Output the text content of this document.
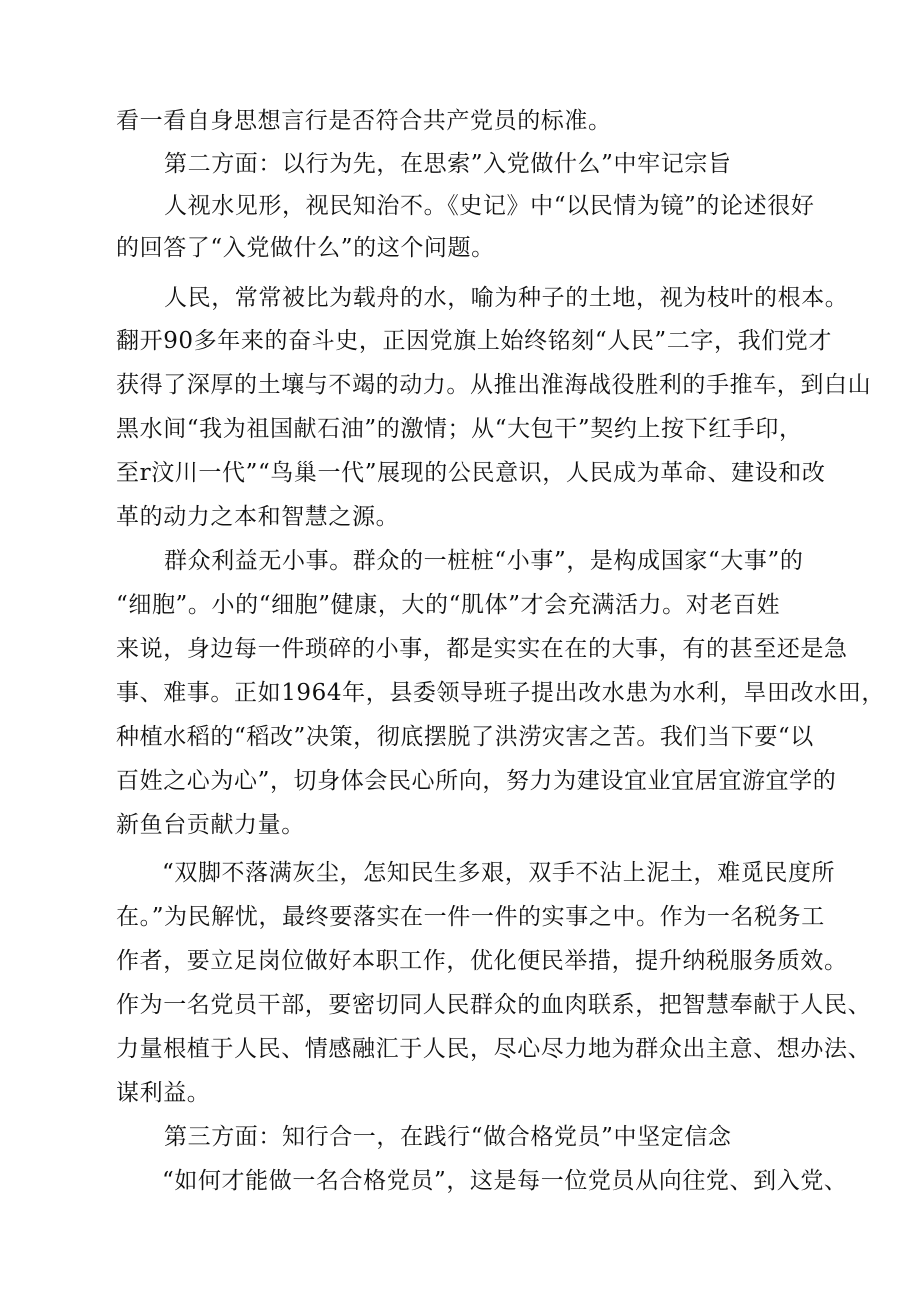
看一看自身思想言行是否符合共产党员的标准。
第二方面：以行为先，在思索”入党做什么”中牢记宗旨
人视水见形，视民知治不。《史记》中“以民情为镜”的论述很好
的回答了“入党做什么”的这个问题。
人民，常常被比为载舟的水，喻为种子的土地，视为枝叶的根本。
翻开90多年来的奋斗史，正因党旗上始终铭刻“人民”二字，我们党才
获得了深厚的土壤与不竭的动力。从推出淮海战役胜利的手推车，到白山
黑水间“我为祖国献石油”的激情；从“大包干”契约上按下红手印，
至r汶川一代”“鸟巢一代”展现的公民意识，人民成为革命、建设和改
革的动力之本和智慧之源。
群众利益无小事。群众的一桩桩“小事”，是构成国家“大事”的
“细胞”。小的“细胞”健康，大的“肌体”才会充满活力。对老百姓
来说，身边每一件琐碎的小事，都是实实在在的大事，有的甚至还是急
事、难事。正如1964年，县委领导班子提出改水患为水利，旱田改水田，
种植水稻的“稻改”决策，彻底摆脱了洪涝灾害之苦。我们当下要“以
百姓之心为心”，切身体会民心所向，努力为建设宜业宜居宜游宜学的
新鱼台贡献力量。
“双脚不落满灰尘，怎知民生多艰，双手不沾上泥土，难觅民度所
在。”为民解忧，最终要落实在一件一件的实事之中。作为一名税务工
作者，要立足岗位做好本职工作，优化便民举措，提升纳税服务质效。
作为一名党员干部，要密切同人民群众的血肉联系，把智慧奉献于人民、
力量根植于人民、情感融汇于人民，尽心尽力地为群众出主意、想办法、
谋利益。
第三方面：知行合一，在践行“做合格党员”中坚定信念
“如何才能做一名合格党员”，这是每一位党员从向往党、到入党、
